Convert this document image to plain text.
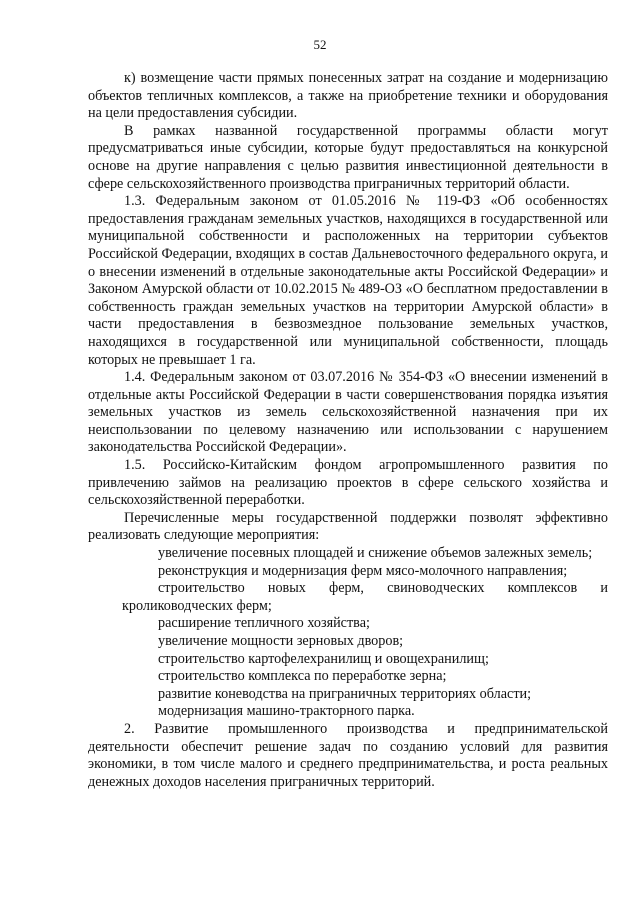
52

к) возмещение части прямых понесенных затрат на создание и модернизацию объектов тепличных комплексов, а также на приобретение техники и оборудования на цели предоставления субсидии.

В рамках названной государственной программы области могут предусматриваться иные субсидии, которые будут предоставляться на конкурсной основе на другие направления с целью развития инвестиционной деятельности в сфере сельскохозяйственного производства приграничных территорий области.

1.3. Федеральным законом от 01.05.2016 № 119-ФЗ «Об особенностях предоставления гражданам земельных участков, находящихся в государственной или муниципальной собственности и расположенных на территории субъектов Российской Федерации, входящих в состав Дальневосточного федерального округа, и о внесении изменений в отдельные законодательные акты Российской Федерации» и Законом Амурской области от 10.02.2015 № 489-ОЗ «О бесплатном предоставлении в собственность граждан земельных участков на территории Амурской области» в части предоставления в безвозмездное пользование земельных участков, находящихся в государственной или муниципальной собственности, площадь которых не превышает 1 га.

1.4. Федеральным законом от 03.07.2016 № 354-ФЗ «О внесении изменений в отдельные акты Российской Федерации в части совершенствования порядка изъятия земельных участков из земель сельскохозяйственной назначения при их неиспользовании по целевому назначению или использовании с нарушением законодательства Российской Федерации».

1.5. Российско-Китайским фондом агропромышленного развития по привлечению займов на реализацию проектов в сфере сельского хозяйства и сельскохозяйственной переработки.

Перечисленные меры государственной поддержки позволят эффективно реализовать следующие мероприятия:

увеличение посевных площадей и снижение объемов залежных земель;

реконструкция и модернизация ферм мясо-молочного направления;

строительство новых ферм, свиноводческих комплексов и кролиководческих ферм;

расширение тепличного хозяйства;

увеличение мощности зерновых дворов;

строительство картофелехранилищ и овощехранилищ;

строительство комплекса по переработке зерна;

развитие коневодства на приграничных территориях области;

модернизация машино-тракторного парка.

2. Развитие промышленного производства и предпринимательской деятельности обеспечит решение задач по созданию условий для развития экономики, в том числе малого и среднего предпринимательства, и роста реальных денежных доходов населения приграничных территорий.
